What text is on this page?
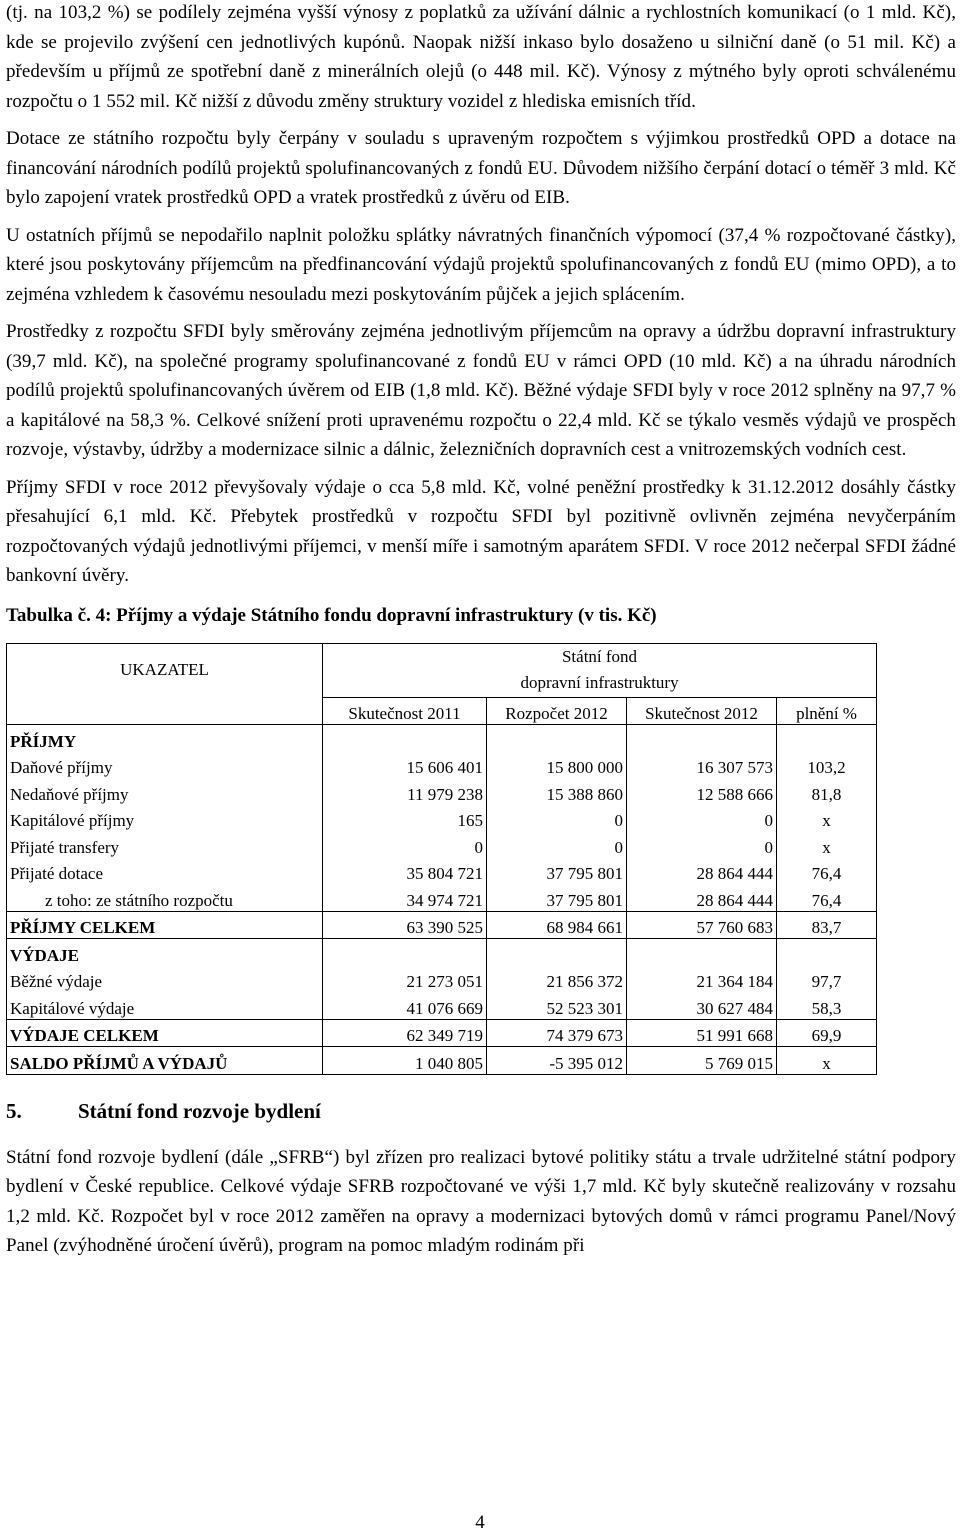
(tj. na 103,2 %) se podílely zejména vyšší výnosy z poplatků za užívání dálnic a rychlostních komunikací (o 1 mld. Kč), kde se projevilo zvýšení cen jednotlivých kupónů. Naopak nižší inkaso bylo dosaženo u silniční daně (o 51 mil. Kč) a především u příjmů ze spotřební daně z minerálních olejů (o 448 mil. Kč). Výnosy z mýtného byly oproti schválenému rozpočtu o 1 552 mil. Kč nižší z důvodu změny struktury vozidel z hlediska emisních tříd.

Dotace ze státního rozpočtu byly čerpány v souladu s upraveným rozpočtem s výjimkou prostředků OPD a dotace na financování národních podílů projektů spolufinancovaných z fondů EU. Důvodem nižšího čerpání dotací o téměř 3 mld. Kč bylo zapojení vratek prostředků OPD a vratek prostředků z úvěru od EIB.

U ostatních příjmů se nepodařilo naplnit položku splátky návratných finančních výpomocí (37,4 % rozpočtované částky), které jsou poskytovány příjemcům na předfinancování výdajů projektů spolufinancovaných z fondů EU (mimo OPD), a to zejména vzhledem k časovému nesouladu mezi poskytováním půjček a jejich splácením.

Prostředky z rozpočtu SFDI byly směrovány zejména jednotlivým příjemcům na opravy a údržbu dopravní infrastruktury (39,7 mld. Kč), na společné programy spolufinancované z fondů EU v rámci OPD (10 mld. Kč) a na úhradu národních podílů projektů spolufinancovaných úvěrem od EIB (1,8 mld. Kč). Běžné výdaje SFDI byly v roce 2012 splněny na 97,7 % a kapitálové na 58,3 %. Celkové snížení proti upravenému rozpočtu o 22,4 mld. Kč se týkalo vesměs výdajů ve prospěch rozvoje, výstavby, údržby a modernizace silnic a dálnic, železničních dopravních cest a vnitrozemských vodních cest.

Příjmy SFDI v roce 2012 převyšovaly výdaje o cca 5,8 mld. Kč, volné peněžní prostředky k 31.12.2012 dosáhly částky přesahující 6,1 mld. Kč. Přebytek prostředků v rozpočtu SFDI byl pozitivně ovlivněn zejména nevyčerpáním rozpočtovaných výdajů jednotlivými příjemci, v menší míře i samotným aparátem SFDI. V roce 2012 nečerpal SFDI žádné bankovní úvěry.

Tabulka č. 4: Příjmy a výdaje Státního fondu dopravní infrastruktury (v tis. Kč)
UKAZATEL	Státní fond			
	dopravní infrastruktury			
	Skutečnost 2011	Rozpočet 2012	Skutečnost 2012	plnění %
PŘÍJMY				
Daňové příjmy	15 606 401	15 800 000	16 307 573	103,2
Nedaňové příjmy	11 979 238	15 388 860	12 588 666	81,8
Kapitálové příjmy	165	0	0	x
Přijaté transfery	0	0	0	x
Přijaté dotace	35 804 721	37 795 801	28 864 444	76,4
z toho: ze státního rozpočtu	34 974 721	37 795 801	28 864 444	76,4
PŘÍJMY CELKEM	63 390 525	68 984 661	57 760 683	83,7
VÝDAJE				
Běžné výdaje	21 273 051	21 856 372	21 364 184	97,7
Kapitálové výdaje	41 076 669	52 523 301	30 627 484	58,3
VÝDAJE CELKEM	62 349 719	74 379 673	51 991 668	69,9
SALDO PŘÍJMŮ A VÝDAJŮ	1 040 805	-5 395 012	5 769 015	x
5.	Státní fond rozvoje bydlení

Státní fond rozvoje bydlení (dále „SFRB“) byl zřízen pro realizaci bytové politiky státu a trvale udržitelné státní podpory bydlení v České republice. Celkové výdaje SFRB rozpočtované ve výši 1,7 mld. Kč byly skutečně realizovány v rozsahu 1,2 mld. Kč. Rozpočet byl v roce 2012 zaměřen na opravy a modernizaci bytových domů v rámci programu Panel/Nový Panel (zvýhodněné úročení úvěrů), program na pomoc mladým rodinám při

4
